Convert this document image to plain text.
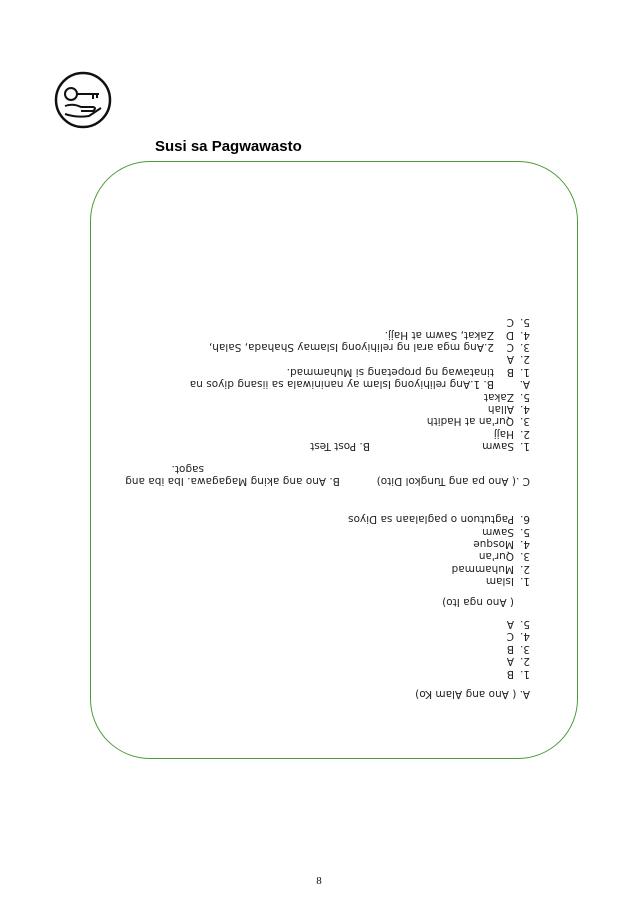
Susi sa Pagwawasto
A. ( Ano ang Alam Ko)
1.B
2.A
3.B
4.C
5.A
( Ano nga Ito)
1.Islam
2.Muhammad
3.Qur'an
4.Mosque
5.Sawm
6.Pagtutuon o paglalaan sa Diyos
C .( Ano pa ang Tungkol Dito)  B. Ano ang aking Magagawa. Iba iba ang
sagot.
1.Sawm
B. Post Test
2.Hajj
3.Qur'an at Hadith
4.Allah
5.Zakat
A.
B. 1.Ang relihiyong Islam ay naniniwala sa iisang diyos na
1.B
tinatawag ng propetang si Muhammad.
2.A
3.C
2.Ang mga aral ng relihiyong Islamay Shahada, Salah,
4.D
Zakat, Sawm at Hajj.
5.C
8
